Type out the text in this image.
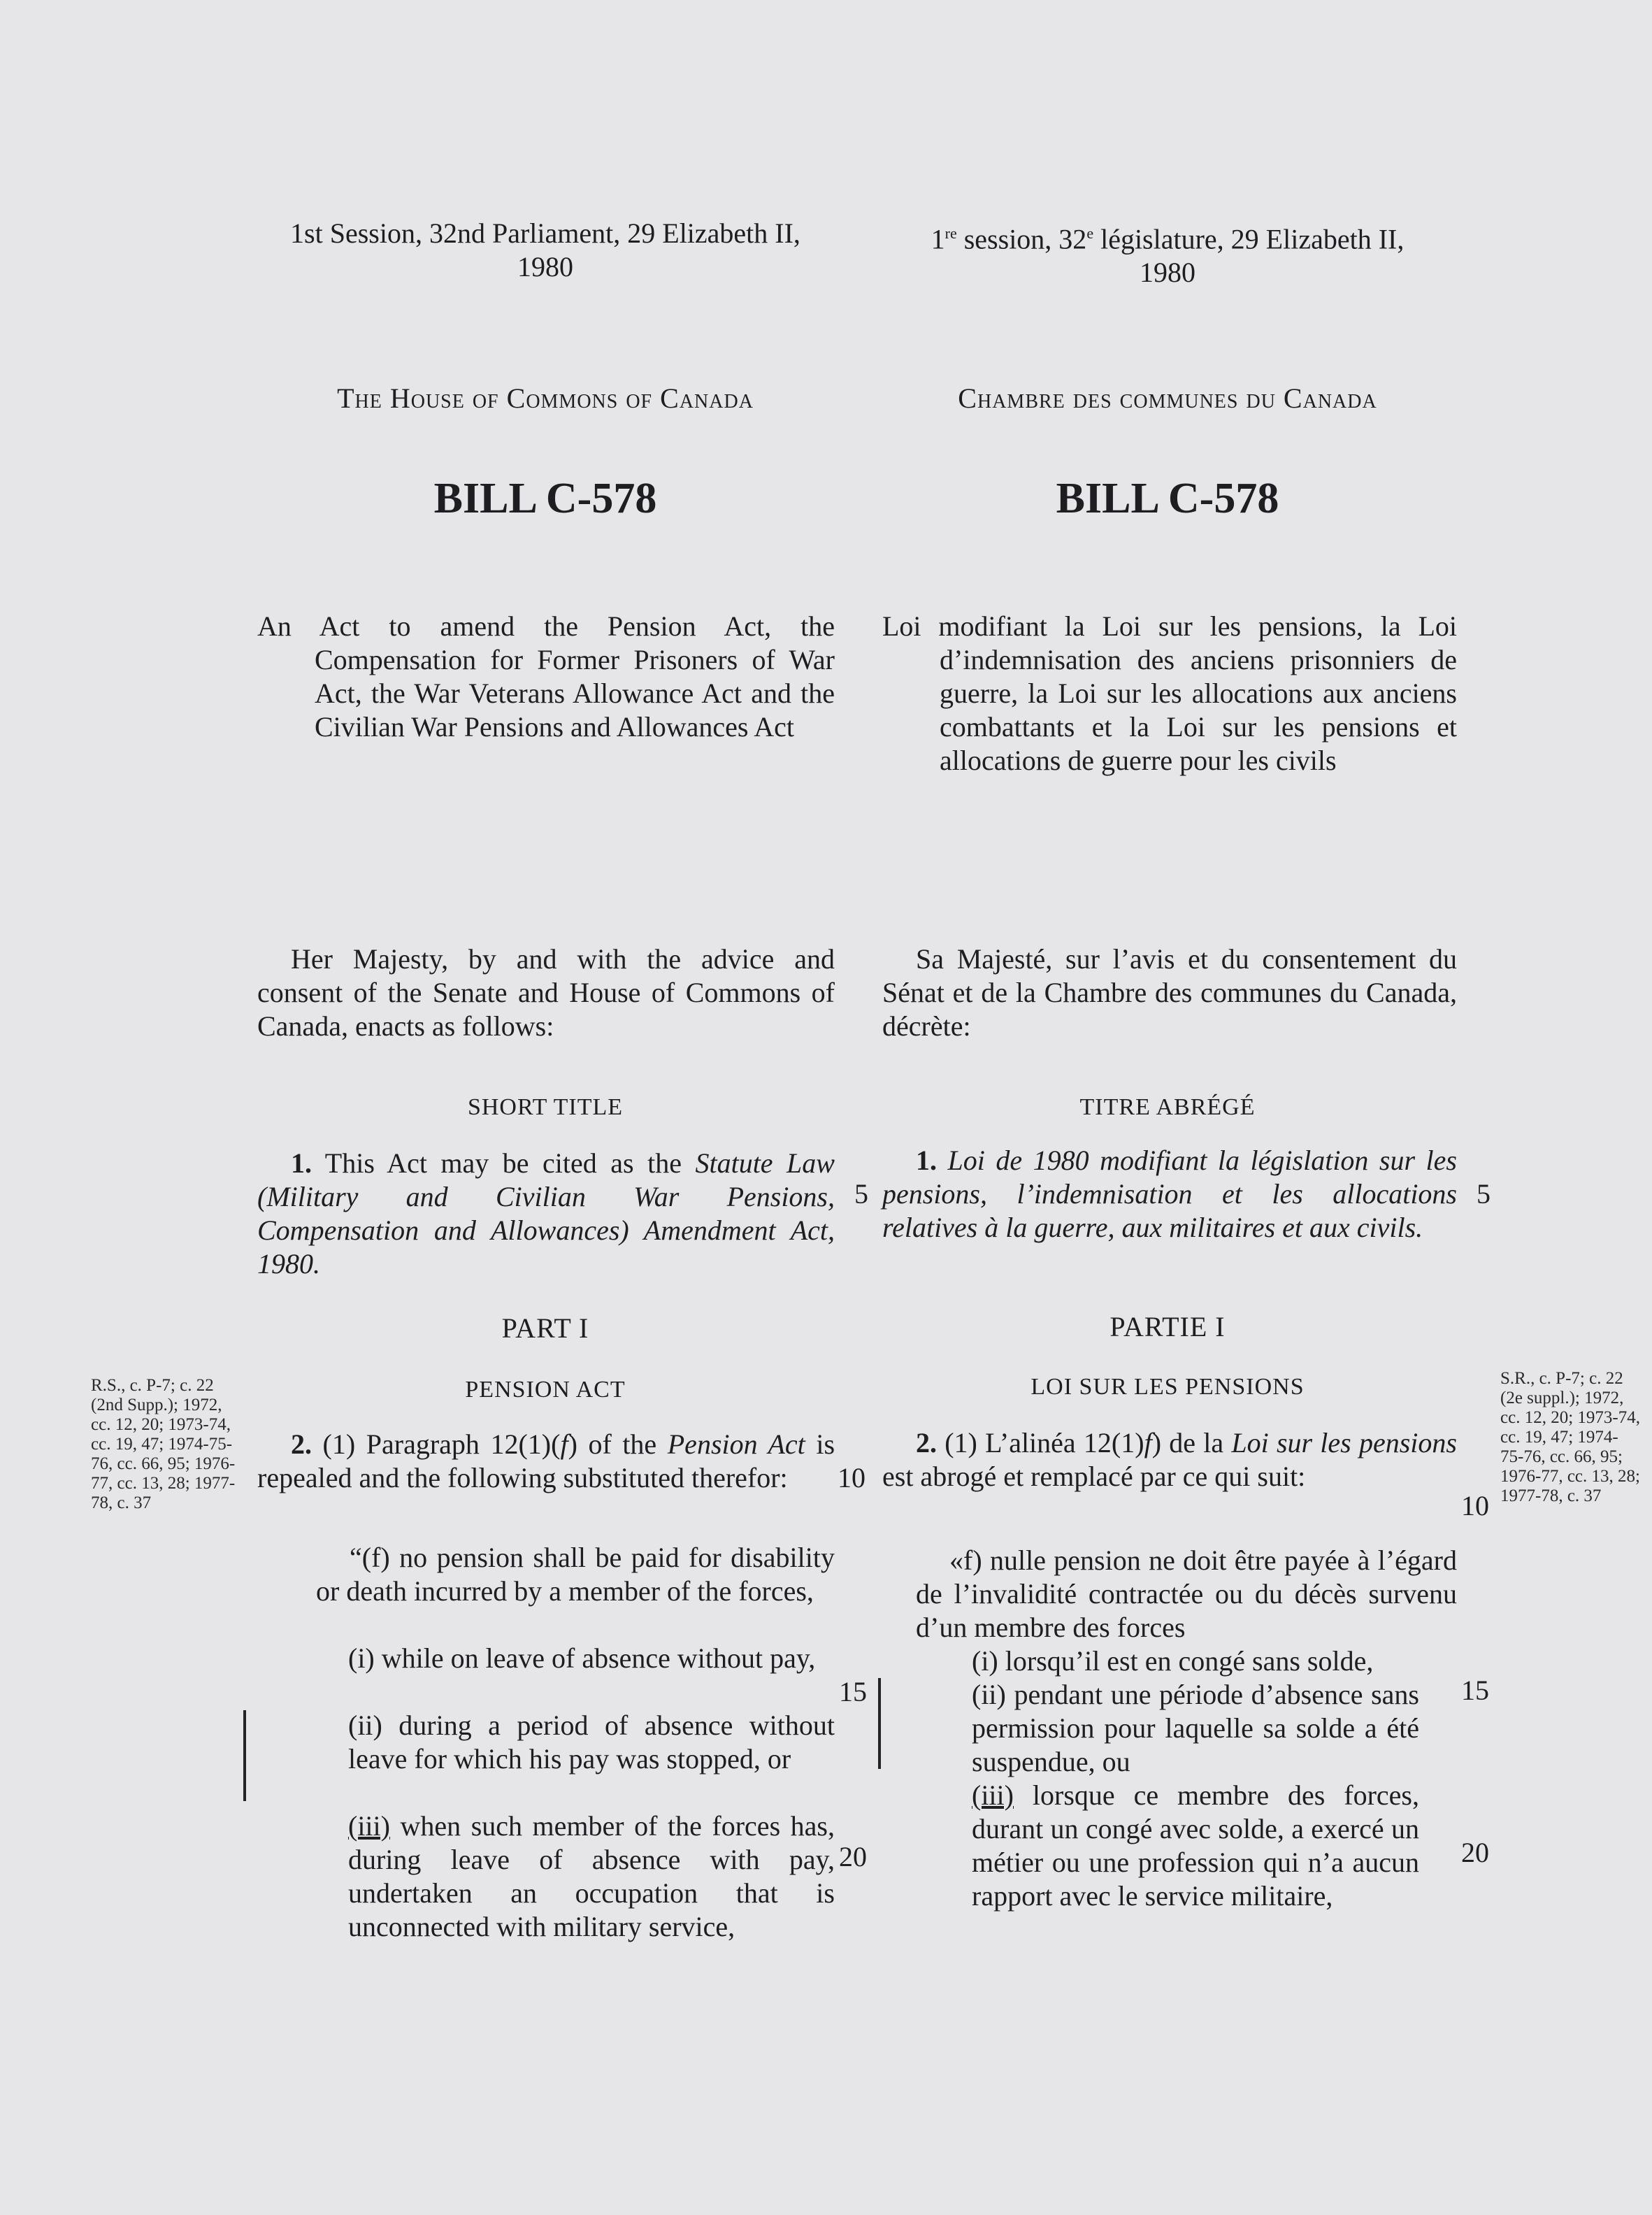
1st Session, 32nd Parliament, 29 Elizabeth II,

1980

1re session, 32e législature, 29 Elizabeth II,

1980

The House of Commons of Canada	Chambre des communes du Canada
BILL C-578	BILL C-578
An Act to amend the Pension Act, the Compensation for Former Prisoners of War Act, the War Veterans Allowance Act and the Civilian War Pensions and Allowances Act
Loi modifiant la Loi sur les pensions, la Loi d’indemnisation des anciens prisonniers de guerre, la Loi sur les allocations aux anciens combattants et la Loi sur les pensions et allocations de guerre pour les civils
Her Majesty, by and with the advice and consent of the Senate and House of Commons of Canada, enacts as follows:
Sa Majesté, sur l’avis et du consentement du Sénat et de la Chambre des communes du Canada, décrète:
SHORT TITLE	TITRE ABRÉGÉ
1. This Act may be cited as the Statute Law (Military and Civilian War Pensions, Compensation and Allowances) Amendment Act, 1980.
1. Loi de 1980 modifiant la législation sur les pensions, l’indemnisation et les allocations relatives à la guerre, aux militaires et aux civils.
PART I	PARTIE I
PENSION ACT	LOI SUR LES PENSIONS
R.S., c. P-7; c. 22 (2nd Supp.); 1972, cc. 12, 20; 1973-74, cc. 19, 47; 1974-75-76, cc. 66, 95; 1976-77, cc. 13, 28; 1977-78, c. 37
S.R., c. P-7; c. 22 (2e suppl.); 1972, cc. 12, 20; 1973-74, cc. 19, 47; 1974-75-76, cc. 66, 95; 1976-77, cc. 13, 28; 1977-78, c. 37
2. (1) Paragraph 12(1)(f) of the Pension Act is repealed and the following substituted therefor:
“(f) no pension shall be paid for disability or death incurred by a member of the forces,
(i) while on leave of absence without pay,
(ii) during a period of absence without leave for which his pay was stopped, or
(iii) when such member of the forces has, during leave of absence with pay, undertaken an occupation that is unconnected with military service,
2. (1) L’alinéa 12(1)f) de la Loi sur les pensions est abrogé et remplacé par ce qui suit:
«f) nulle pension ne doit être payée à l’égard de l’invalidité contractée ou du décès survenu d’un membre des forces
(i) lorsqu’il est en congé sans solde,
(ii) pendant une période d’absence sans permission pour laquelle sa solde a été suspendue, ou
(iii) lorsque ce membre des forces, durant un congé avec solde, a exercé un métier ou une profession qui n’a aucun rapport avec le service militaire,
5	5
10
10
15	15
20	20
